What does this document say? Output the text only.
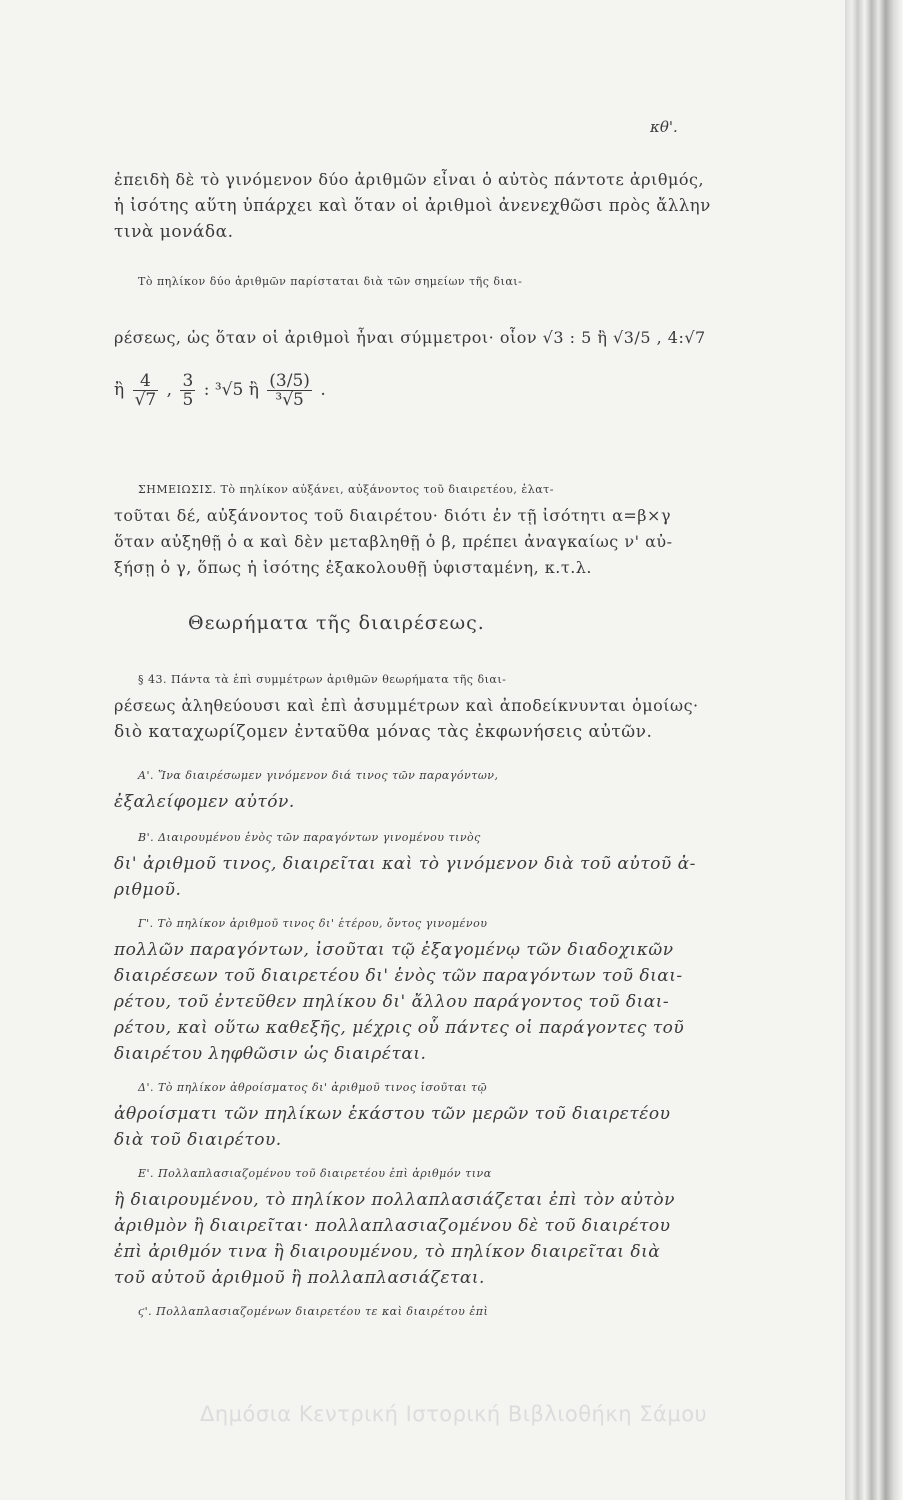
κθ'.
ἐπειδὴ δὲ τὸ γινόμενον δύο ἀριθμῶν εἶναι ὁ αὐτὸς πάντοτε ἀριθμός,
ἡ ἰσότης αὕτη ὑπάρχει καὶ ὅταν οἱ ἀριθμοὶ ἀνενεχθῶσι πρὸς ἄλλην
τινὰ μονάδα.
Τὸ πηλίκον δύο ἀριθμῶν παρίσταται διὰ τῶν σημείων τῆς διαι-
ρέσεως, ὡς ὅταν οἱ ἀριθμοὶ ἦναι σύμμετροι· οἷον √3 : 5 ἢ √3/5 , 4:√7
ἢ $\frac{4}{√7}$ , $\frac{3}{5}$ : ³√5 ἢ $\frac{(3/5)}{\text{³√5}}$ .
ΣΗΜΕΙΩΣΙΣ. Τὸ πηλίκον αὐξάνει, αὐξάνοντος τοῦ διαιρετέου, ἐλατ-
τοῦται δέ, αὐξάνοντος τοῦ διαιρέτου· διότι ἐν τῇ ἰσότητι α=β×γ
ὅταν αὐξηθῇ ὁ α καὶ δὲν μεταβληθῇ ὁ β, πρέπει ἀναγκαίως ν' αὐ-
ξήσῃ ὁ γ, ὅπως ἡ ἰσότης ἐξακολουθῇ ὑφισταμένη, κ.τ.λ.
Θεωρήματα τῆς διαιρέσεως.
§ 43. Πάντα τὰ ἐπὶ συμμέτρων ἀριθμῶν θεωρήματα τῆς διαι-
ρέσεως ἀληθεύουσι καὶ ἐπὶ ἀσυμμέτρων καὶ ἀποδείκνυνται ὁμοίως·
διὸ καταχωρίζομεν ἐνταῦθα μόνας τὰς ἐκφωνήσεις αὐτῶν.
Α'. Ἵνα διαιρέσωμεν γινόμενον διά τινος τῶν παραγόντων,
ἐξαλείφομεν αὐτόν.
Β'. Διαιρουμένου ἑνὸς τῶν παραγόντων γινομένου τινὸς
δι' ἀριθμοῦ τινος, διαιρεῖται καὶ τὸ γινόμενον διὰ τοῦ αὐτοῦ ἀ-
ριθμοῦ.
Γ'. Τὸ πηλίκον ἀριθμοῦ τινος δι' ἑτέρου, ὄντος γινομένου
πολλῶν παραγόντων, ἰσοῦται τῷ ἐξαγομένῳ τῶν διαδοχικῶν
διαιρέσεων τοῦ διαιρετέου δι' ἑνὸς τῶν παραγόντων τοῦ διαι-
ρέτου, τοῦ ἐντεῦθεν πηλίκου δι' ἄλλου παράγοντος τοῦ διαι-
ρέτου, καὶ οὕτω καθεξῆς, μέχρις οὗ πάντες οἱ παράγοντες τοῦ
διαιρέτου ληφθῶσιν ὡς διαιρέται.
Δ'. Τὸ πηλίκον ἀθροίσματος δι' ἀριθμοῦ τινος ἰσοῦται τῷ
ἀθροίσματι τῶν πηλίκων ἑκάστου τῶν μερῶν τοῦ διαιρετέου
διὰ τοῦ διαιρέτου.
Ε'. Πολλαπλασιαζομένου τοῦ διαιρετέου ἐπὶ ἀριθμόν τινα
ἢ διαιρουμένου, τὸ πηλίκον πολλαπλασιάζεται ἐπὶ τὸν αὐτὸν
ἀριθμὸν ἢ διαιρεῖται· πολλαπλασιαζομένου δὲ τοῦ διαιρέτου
ἐπὶ ἀριθμόν τινα ἢ διαιρουμένου, τὸ πηλίκον διαιρεῖται διὰ
τοῦ αὐτοῦ ἀριθμοῦ ἢ πολλαπλασιάζεται.
ϛ'. Πολλαπλασιαζομένων διαιρετέου τε καὶ διαιρέτου ἐπὶ
Δημόσια Κεντρική Ιστορική Βιβλιοθήκη Σάμου
